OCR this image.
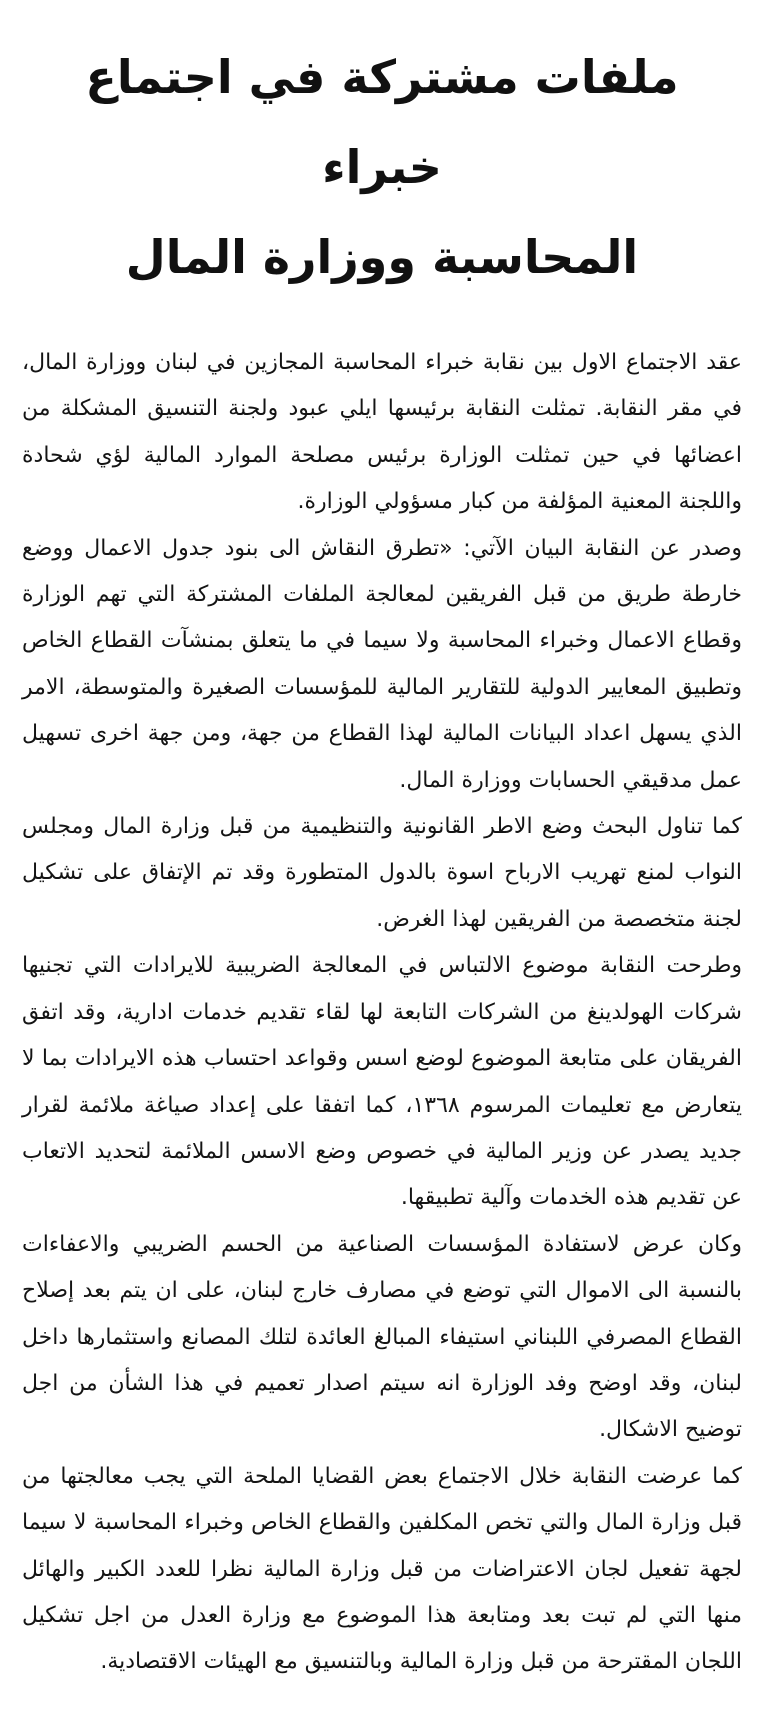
ملفات مشتركة في اجتماع خبراء
المحاسبة ووزارة المال

عقد الاجتماع الاول بين نقابة خبراء المحاسبة المجازين في لبنان ووزارة المال، في مقر النقابة. تمثلت النقابة برئيسها ايلي عبود ولجنة التنسيق المشكلة من اعضائها في حين تمثلت الوزارة برئيس مصلحة الموارد المالية لؤي شحادة واللجنة المعنية المؤلفة من كبار مسؤولي الوزارة.

وصدر عن النقابة البيان الآتي: «تطرق النقاش الى بنود جدول الاعمال ووضع خارطة طريق من قبل الفريقين لمعالجة الملفات المشتركة التي تهم الوزارة وقطاع الاعمال وخبراء المحاسبة ولا سيما في ما يتعلق بمنشآت القطاع الخاص وتطبيق المعايير الدولية للتقارير المالية للمؤسسات الصغيرة والمتوسطة، الامر الذي يسهل اعداد البيانات المالية لهذا القطاع من جهة، ومن جهة اخرى تسهيل عمل مدقيقي الحسابات ووزارة المال.

كما تناول البحث وضع الاطر القانونية والتنظيمية من قبل وزارة المال ومجلس النواب لمنع تهريب الارباح اسوة بالدول المتطورة وقد تم الإتفاق على تشكيل لجنة متخصصة من الفريقين لهذا الغرض.

وطرحت النقابة موضوع الالتباس في المعالجة الضريبية للايرادات التي تجنيها شركات الهولدينغ من الشركات التابعة لها لقاء تقديم خدمات ادارية، وقد اتفق الفريقان على متابعة الموضوع لوضع اسس وقواعد احتساب هذه الايرادات بما لا يتعارض مع تعليمات المرسوم ١٣٦٨، كما اتفقا على إعداد صياغة ملائمة لقرار جديد يصدر عن وزير المالية في خصوص وضع الاسس الملائمة لتحديد الاتعاب عن تقديم هذه الخدمات وآلية تطبيقها.

وكان عرض لاستفادة المؤسسات الصناعية من الحسم الضريبي والاعفاءات بالنسبة الى الاموال التي توضع في مصارف خارج لبنان، على ان يتم بعد إصلاح القطاع المصرفي اللبناني استيفاء المبالغ العائدة لتلك المصانع واستثمارها داخل لبنان، وقد اوضح وفد الوزارة انه سيتم اصدار تعميم في هذا الشأن من اجل توضيح الاشكال.

كما عرضت النقابة خلال الاجتماع بعض القضايا الملحة التي يجب معالجتها من قبل وزارة المال والتي تخص المكلفين والقطاع الخاص وخبراء المحاسبة لا سيما لجهة تفعيل لجان الاعتراضات من قبل وزارة المالية نظرا للعدد الكبير والهائل منها التي لم تبت بعد ومتابعة هذا الموضوع مع وزارة العدل من اجل تشكيل اللجان المقترحة من قبل وزارة المالية وبالتنسيق مع الهيئات الاقتصادية.
